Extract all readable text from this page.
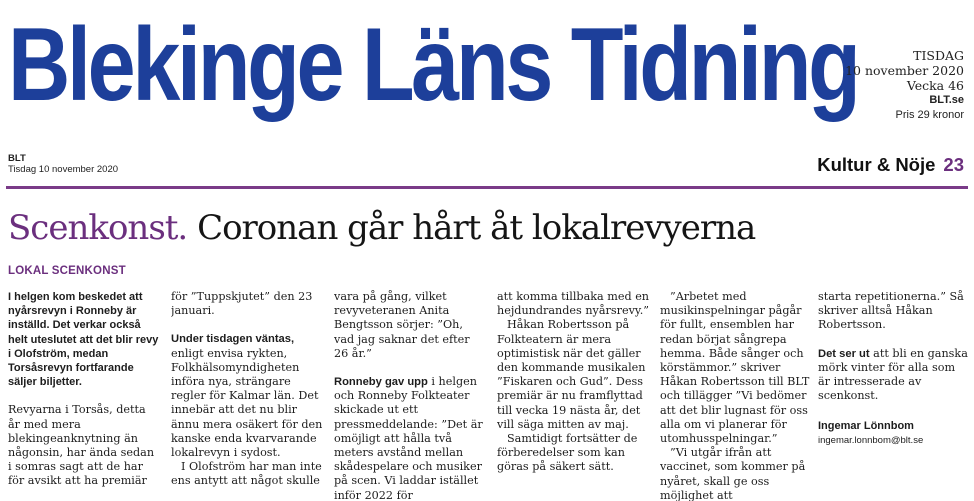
Blekinge Läns Tidning	TISDAG
10 november 2020
Vecka 46
BLT.se
Pris 29 kronor
BLT
Tisdag 10 november 2020	Kultur & Nöje 23
Scenkonst. Coronan går hårt åt lokalrevyerna
LOKAL SCENKONST

I helgen kom beskedet att nyårsrevyn i Ronneby är inställd. Det verkar också helt uteslutet att det blir revy i Olofström, medan Torsåsrevyn fortfarande säljer biljetter.

Revyarna i Torsås, detta år med mera blekingeanknytning än någonsin, har ända sedan i somras sagt att de har för avsikt att ha premiär

för ”Tuppskjutet” den 23 januari.

Under tisdagen väntas, enligt envisa rykten, Folkhälsomyndigheten införa nya, strängare regler för Kalmar län. Det innebär att det nu blir ännu mera osäkert för den kanske enda kvarvarande lokalrevyn i sydost.

I Olofström har man inte ens antytt att något skulle

vara på gång, vilket revyveteranen Anita Bengtsson sörjer: ”Oh, vad jag saknar det efter 26 år.”

Ronneby gav upp i helgen och Ronneby Folkteater skickade ut ett pressmeddelande: ”Det är omöjligt att hålla två meters avstånd mellan skådespelare och musiker på scen. Vi laddar istället inför 2022 för

att komma tillbaka med en hejdundrandes nyårsrevy.”

Håkan Robertsson på Folkteatern är mera optimistisk när det gäller den kommande musikalen ”Fiskaren och Gud”. Dess premiär är nu framflyttad till vecka 19 nästa år, det vill säga mitten av maj.

Samtidigt fortsätter de förberedelser som kan göras på säkert sätt.

”Arbetet med musikinspelningar pågår för fullt, ensemblen har redan börjat sångrepa hemma. Både sånger och körstämmor.” skriver Håkan Robertsson till BLT och tillägger ”Vi bedömer att det blir lugnast för oss alla om vi planerar för utomhusspelningar.”

”Vi utgår ifrån att vaccinet, som kommer på nyåret, skall ge oss möjlighet att

starta repetitionerna.” Så skriver alltså Håkan Robertsson.

Det ser ut att bli en ganska mörk vinter för alla som är intresserade av scenkonst.

Ingemar Lönnbom
ingemar.lonnbom@blt.se
